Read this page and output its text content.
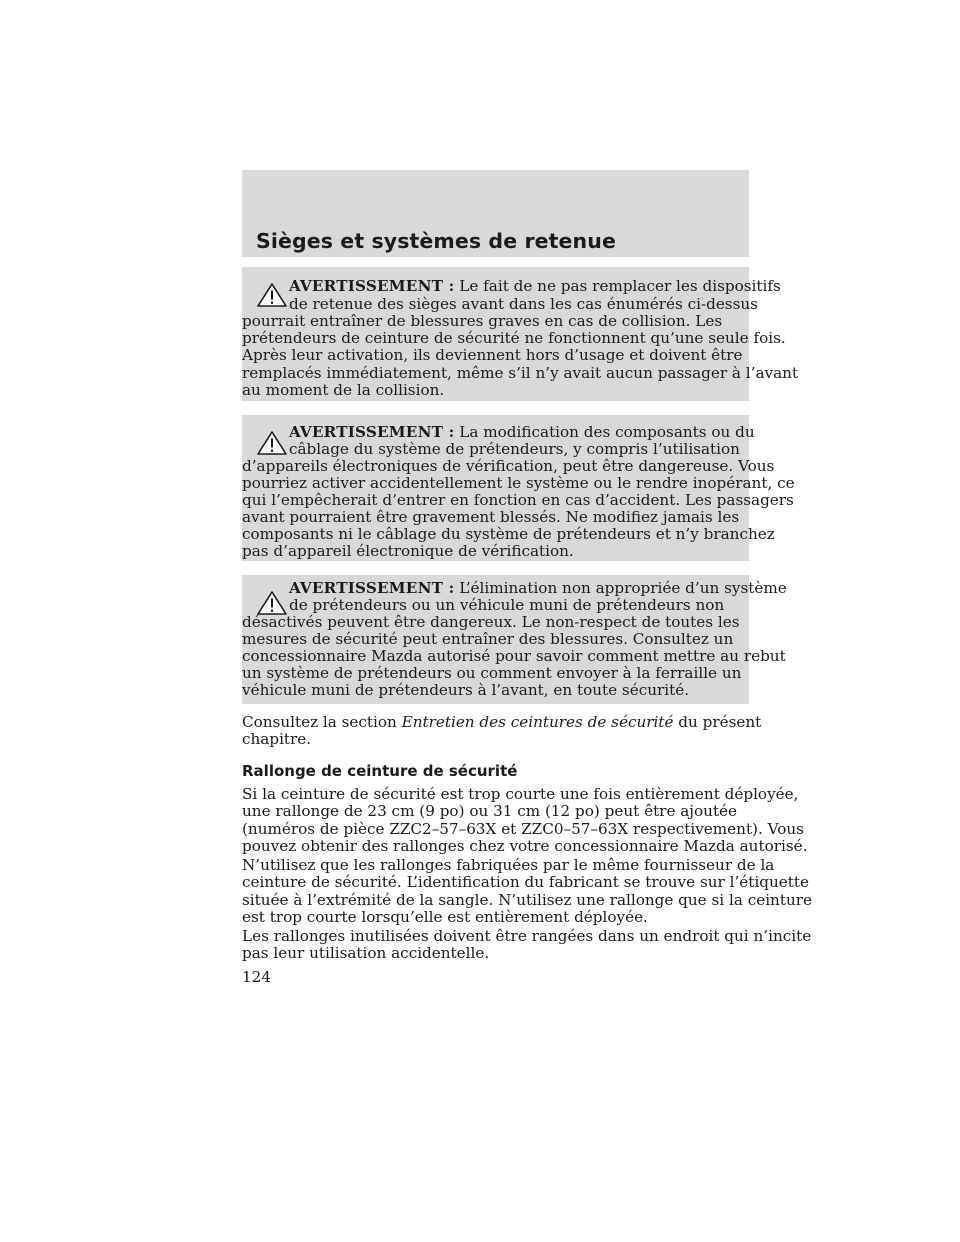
Sièges et systèmes de retenue
AVERTISSEMENT : Le fait de ne pas remplacer les dispositifs
de retenue des sièges avant dans les cas énumérés ci-dessus
pourrait entraîner de blessures graves en cas de collision. Les
prétendeurs de ceinture de sécurité ne fonctionnent qu’une seule fois.
Après leur activation, ils deviennent hors d’usage et doivent être
remplacés immédiatement, même s’il n’y avait aucun passager à l’avant
au moment de la collision.
AVERTISSEMENT : La modification des composants ou du
câblage du système de prétendeurs, y compris l’utilisation
d’appareils électroniques de vérification, peut être dangereuse. Vous
pourriez activer accidentellement le système ou le rendre inopérant, ce
qui l’empêcherait d’entrer en fonction en cas d’accident. Les passagers
avant pourraient être gravement blessés. Ne modifiez jamais les
composants ni le câblage du système de prétendeurs et n’y branchez
pas d’appareil électronique de vérification.
AVERTISSEMENT : L’élimination non appropriée d’un système
de prétendeurs ou un véhicule muni de prétendeurs non
désactivés peuvent être dangereux. Le non-respect de toutes les
mesures de sécurité peut entraîner des blessures. Consultez un
concessionnaire Mazda autorisé pour savoir comment mettre au rebut
un système de prétendeurs ou comment envoyer à la ferraille un
véhicule muni de prétendeurs à l’avant, en toute sécurité.

Consultez la section Entretien des ceintures de sécurité du présent
chapitre.

Rallonge de ceinture de sécurité

Si la ceinture de sécurité est trop courte une fois entièrement déployée,
une rallonge de 23 cm (9 po) ou 31 cm (12 po) peut être ajoutée
(numéros de pièce ZZC2–57–63X et ZZC0–57–63X respectivement). Vous
pouvez obtenir des rallonges chez votre concessionnaire Mazda autorisé.

N’utilisez que les rallonges fabriquées par le même fournisseur de la
ceinture de sécurité. L’identification du fabricant se trouve sur l’étiquette
située à l’extrémité de la sangle. N’utilisez une rallonge que si la ceinture
est trop courte lorsqu’elle est entièrement déployée.

Les rallonges inutilisées doivent être rangées dans un endroit qui n’incite
pas leur utilisation accidentelle.

124
